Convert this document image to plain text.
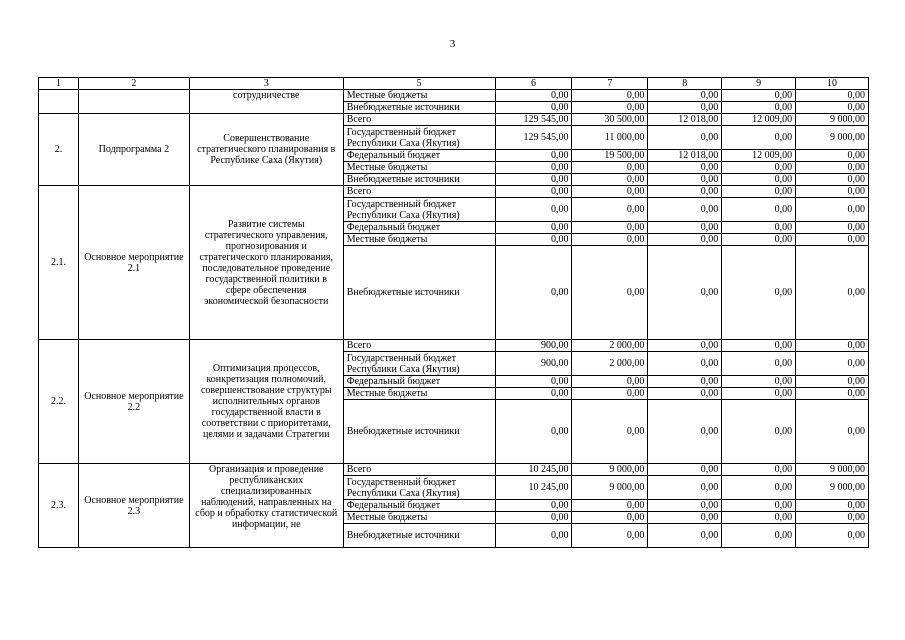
3
1	2	3	5	6	7	8	9	10
		сотрудничестве	Местные бюджеты	0,00	0,00	0,00	0,00	0,00
			Внебюджетные источники	0,00	0,00	0,00	0,00	0,00
2.	Подпрограмма 2	Совершенствование стратегического планирования в Республике Саха (Якутия)	Всего	129 545,00	30 500,00	12 018,00	12 009,00	9 000,00
			Государственный бюджет Республики Саха (Якутия)	129 545,00	11 000,00	0,00	0,00	9 000,00
			Федеральный бюджет	0,00	19 500,00	12 018,00	12 009,00	0,00
			Местные бюджеты	0,00	0,00	0,00	0,00	0,00
			Внебюджетные источники	0,00	0,00	0,00	0,00	0,00
2.1.	Основное мероприятие 2.1	Развитие системы стратегического управления, прогнозирования и стратегического планирования, последовательное проведение государственной политики в сфере обеспечения экономической безопасности	Всего	0,00	0,00	0,00	0,00	0,00
			Государственный бюджет Республики Саха (Якутия)	0,00	0,00	0,00	0,00	0,00
			Федеральный бюджет	0,00	0,00	0,00	0,00	0,00
			Местные бюджеты	0,00	0,00	0,00	0,00	0,00
			Внебюджетные источники	0,00	0,00	0,00	0,00	0,00
2.2.	Основное мероприятие 2.2	Оптимизация процессов, конкретизация полномочий, совершенствование структуры исполнительных органов государственной власти в соответствии с приоритетами, целями и задачами Стратегии	Всего	900,00	2 000,00	0,00	0,00	0,00
			Государственный бюджет Республики Саха (Якутия)	900,00	2 000,00	0,00	0,00	0,00
			Федеральный бюджет	0,00	0,00	0,00	0,00	0,00
			Местные бюджеты	0,00	0,00	0,00	0,00	0,00
			Внебюджетные источники	0,00	0,00	0,00	0,00	0,00
2.3.	Основное мероприятие 2.3	Организация и проведение республиканских специализированных наблюдений, направленных на сбор и обработку статистической информации, не	Всего	10 245,00	9 000,00	0,00	0,00	9 000,00
			Государственный бюджет Республики Саха (Якутия)	10 245,00	9 000,00	0,00	0,00	9 000,00
			Федеральный бюджет	0,00	0,00	0,00	0,00	0,00
			Местные бюджеты	0,00	0,00	0,00	0,00	0,00
			Внебюджетные источники	0,00	0,00	0,00	0,00	0,00
